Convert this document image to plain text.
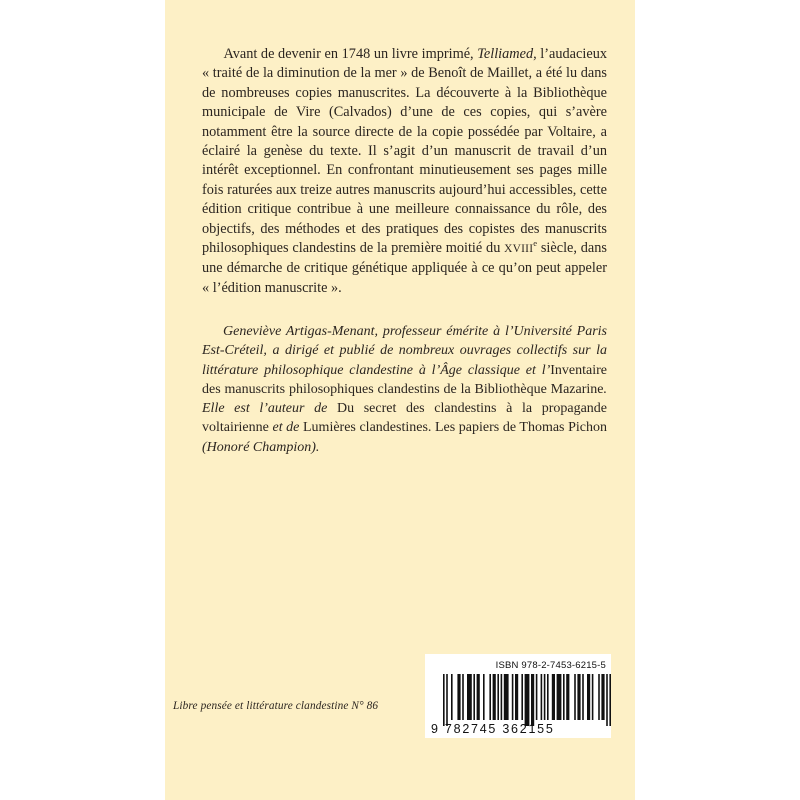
Avant de devenir en 1748 un livre imprimé, Telliamed, l’audacieux « traité de la diminution de la mer » de Benoît de Maillet, a été lu dans de nombreuses copies manuscrites. La découverte à la Bibliothèque municipale de Vire (Calvados) d’une de ces copies, qui s’avère notamment être la source directe de la copie possédée par Voltaire, a éclairé la genèse du texte. Il s’agit d’un manuscrit de travail d’un intérêt exceptionnel. En confrontant minutieusement ses pages mille fois raturées aux treize autres manuscrits aujourd’hui accessibles, cette édition critique contribue à une meilleure connaissance du rôle, des objectifs, des méthodes et des pratiques des copistes des manuscrits philosophiques clandestins de la première moitié du XVIIIe siècle, dans une démarche de critique génétique appliquée à ce qu’on peut appeler « l’édition manuscrite ».

Geneviève Artigas-Menant, professeur émérite à l’Université Paris Est-Créteil, a dirigé et publié de nombreux ouvrages collectifs sur la littérature philosophique clandestine à l’Âge classique et l’Inventaire des manuscrits philosophiques clandestins de la Bibliothèque Mazarine. Elle est l’auteur de Du secret des clandestins à la propagande voltairienne et de Lumières clandestines. Les papiers de Thomas Pichon (Honoré Champion).

Libre pensée et littérature clandestine N° 86
ISBN 978-2-7453-6215-5
9 782745 362155
